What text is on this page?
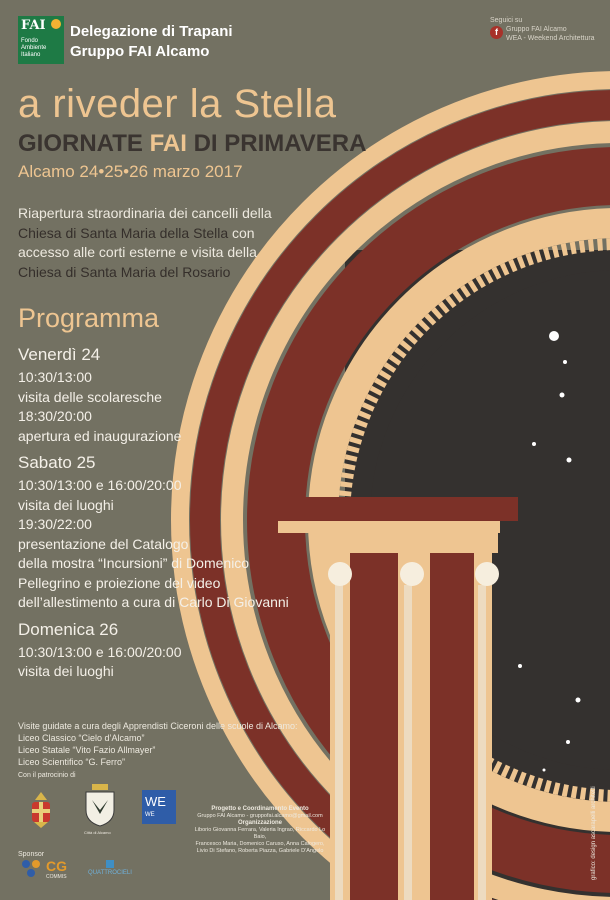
FAI
Fondo
Ambiente
Italiano
Delegazione di Trapani
Gruppo FAI Alcamo
Seguici su
f	Gruppo FAI Alcamo
WEA - Weekend Architettura
a riveder la Stella
GIORNATE FAI DI PRIMAVERA
Alcamo 24•25•26 marzo 2017
Riapertura straordinaria dei cancelli della
Chiesa di Santa Maria della Stella con
accesso alle corti esterne e visita della
Chiesa di Santa Maria del Rosario
Programma
Venerdì 24
10:30/13:00
visita delle scolaresche
18:30/20:00
apertura ed inaugurazione
Sabato 25
10:30/13:00 e 16:00/20:00
visita dei luoghi
19:30/22:00
presentazione del Catalogo
della mostra “Incursioni” di Domenico
Pellegrino e proiezione del video
dell’allestimento a cura di Carlo Di Giovanni
Domenica 26
10:30/13:00 e 16:00/20:00
visita dei luoghi
Visite guidate a cura degli Apprendisti Ciceroni delle scuole di Alcamo:
Liceo Classico “Cielo d’Alcamo”
Liceo Statale “Vito Fazio Allmayer”
Liceo Scientifico “G. Ferro”
Con il patrocinio di
Città di Alcamo
WE
WE
Sponsor
CG
COMMIS
QUATTROCIELI
Progetto e Coordinamento Evento
Gruppo FAI Alcamo - gruppofai.alcamo@gmail.com
Organizzazione
Liborio Giovanna Ferrara, Valeria Ingrao, Riccardo Lo Baio,
Francesco Maria, Domenico Caruso, Anna Calogero,
Livio Di Stefano, Roberta Piazza, Gabriele D’Angelo	grafico: design ascarapelli architetti
